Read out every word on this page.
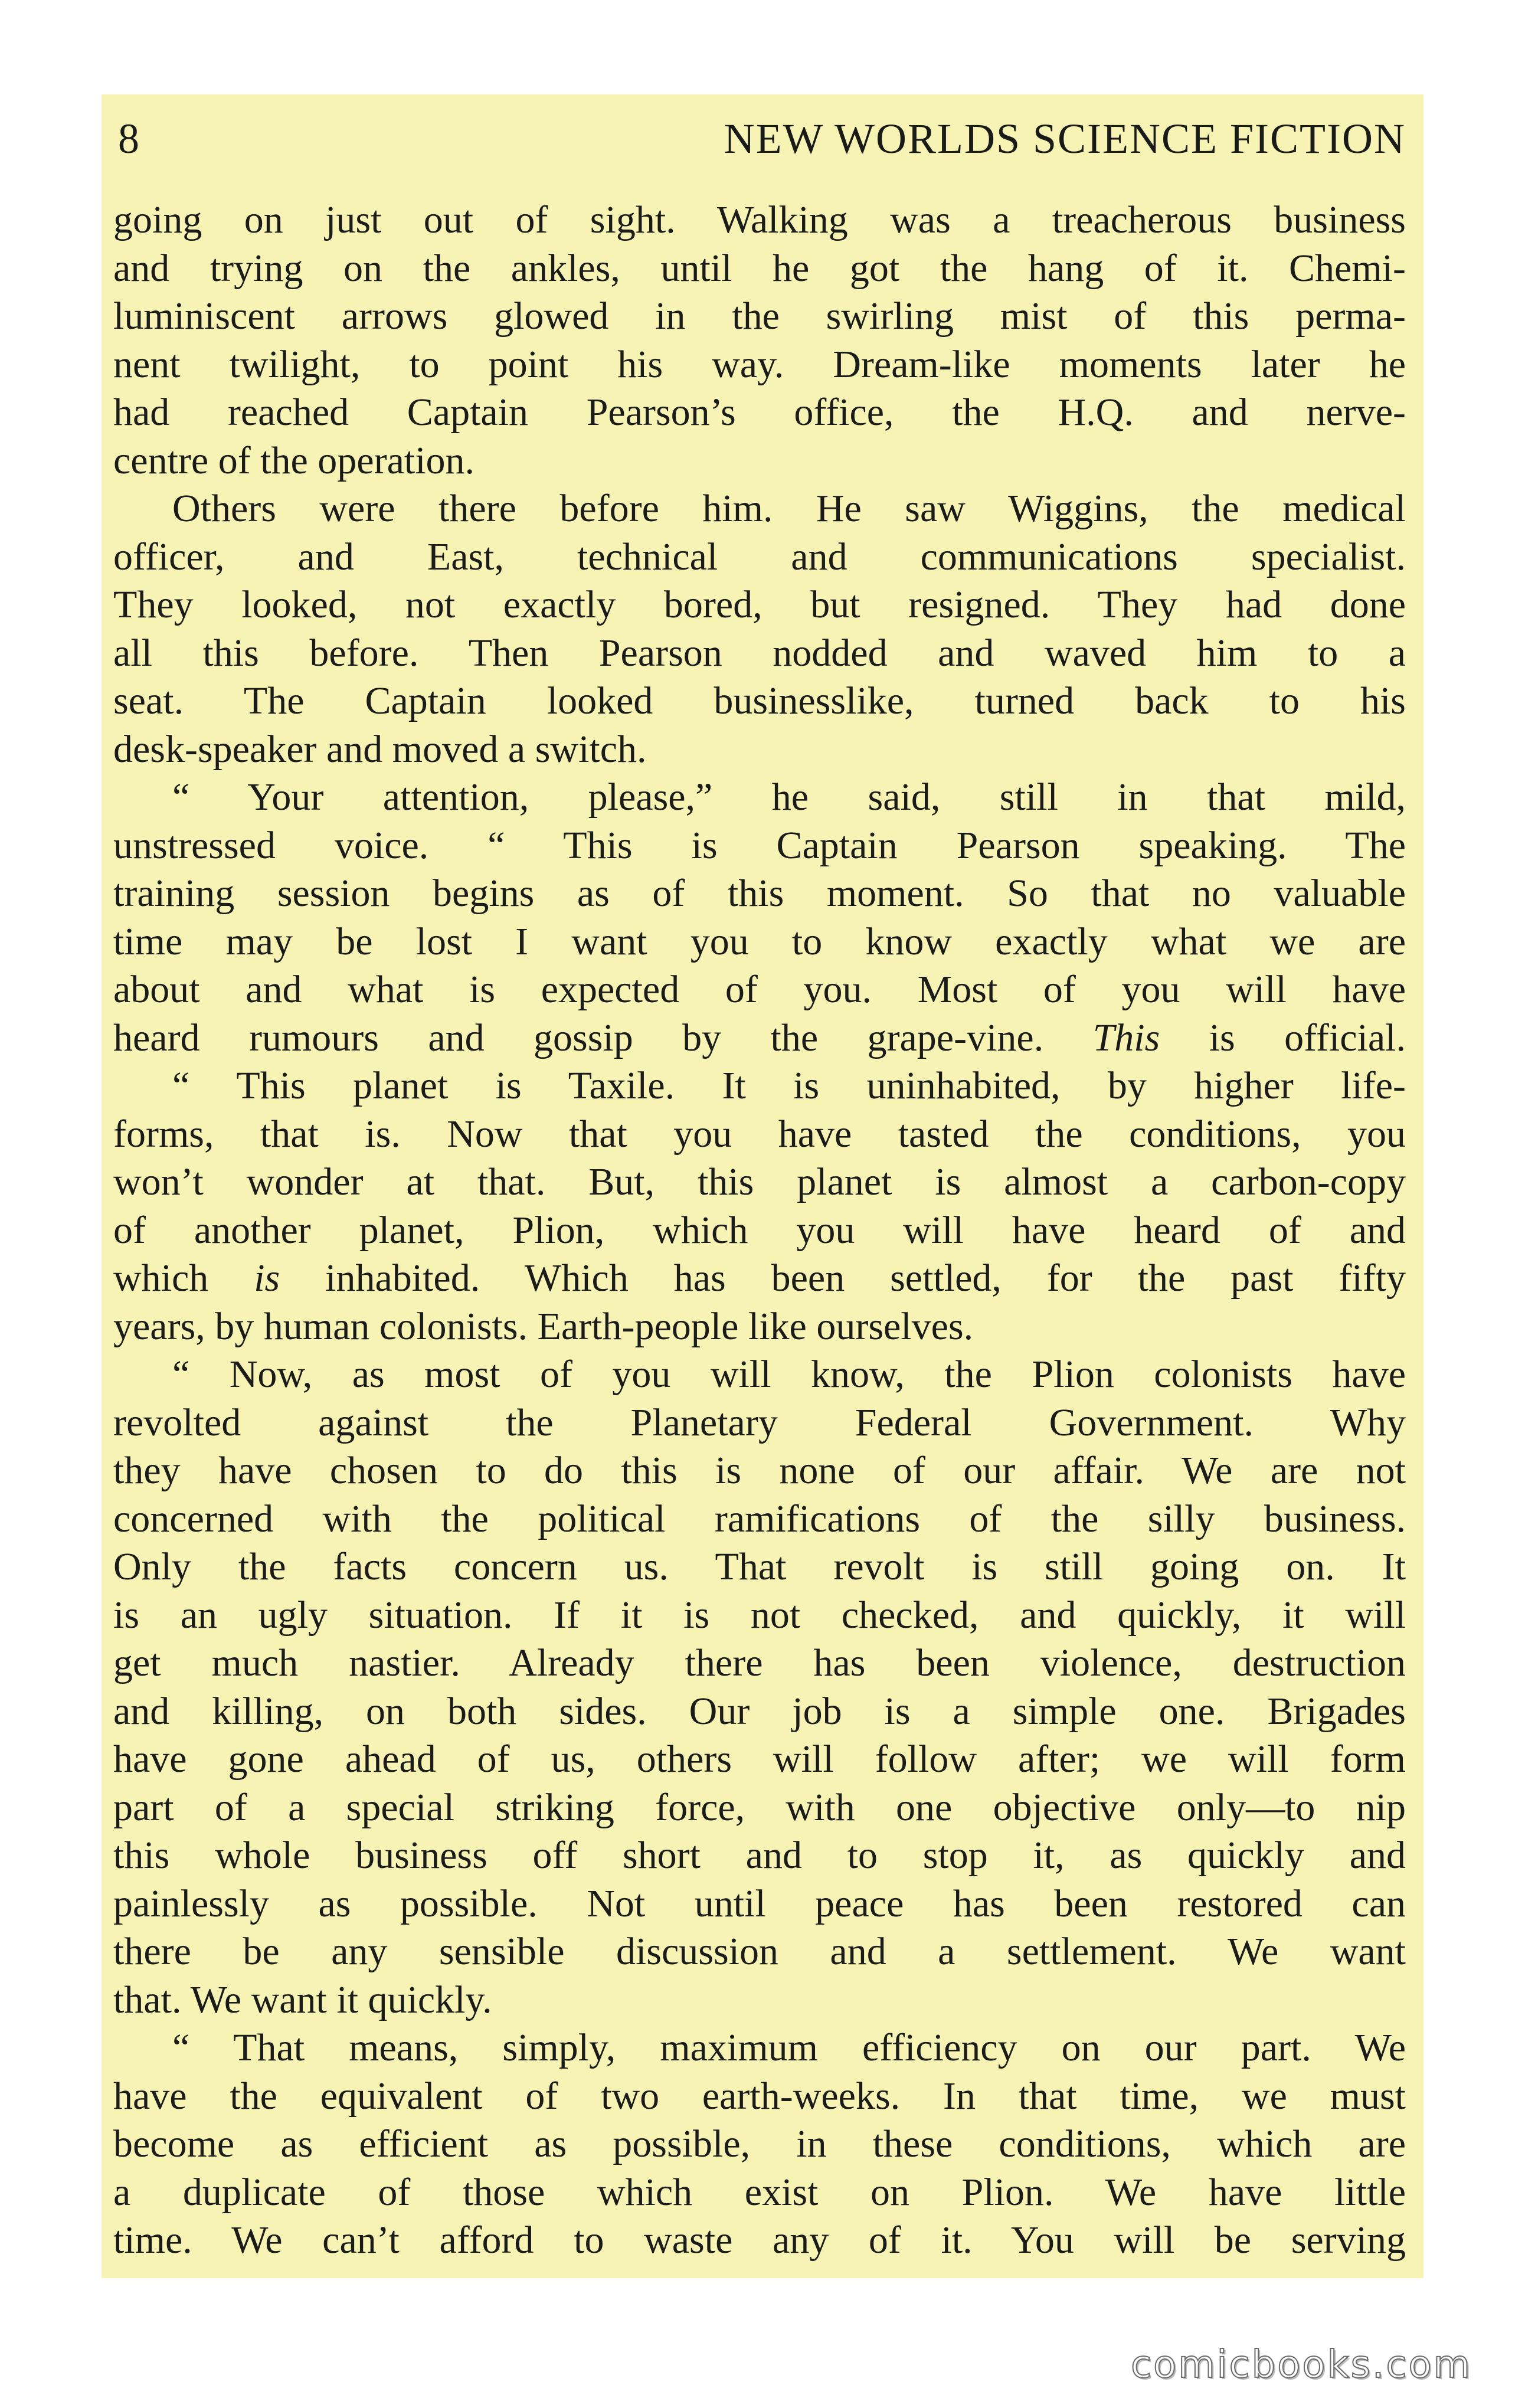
8	NEW WORLDS SCIENCE FICTION
going on just out of sight. Walking was a treacherous business
and trying on the ankles, until he got the hang of it. Chemi-
luminiscent arrows glowed in the swirling mist of this perma-
nent twilight, to point his way. Dream-like moments later he
had reached Captain Pearson’s office, the H.Q. and nerve-
centre of the operation.
Others were there before him. He saw Wiggins, the medical
officer, and East, technical and communications specialist.
They looked, not exactly bored, but resigned. They had done
all this before. Then Pearson nodded and waved him to a
seat. The Captain looked businesslike, turned back to his
desk-speaker and moved a switch.
“ Your attention, please,” he said, still in that mild,
unstressed voice. “ This is Captain Pearson speaking. The
training session begins as of this moment. So that no valuable
time may be lost I want you to know exactly what we are
about and what is expected of you. Most of you will have
heard rumours and gossip by the grape-vine. This is official.
“ This planet is Taxile. It is uninhabited, by higher life-
forms, that is. Now that you have tasted the conditions, you
won’t wonder at that. But, this planet is almost a carbon-copy
of another planet, Plion, which you will have heard of and
which is inhabited. Which has been settled, for the past fifty
years, by human colonists. Earth-people like ourselves.
“ Now, as most of you will know, the Plion colonists have
revolted against the Planetary Federal Government. Why
they have chosen to do this is none of our affair. We are not
concerned with the political ramifications of the silly business.
Only the facts concern us. That revolt is still going on. It
is an ugly situation. If it is not checked, and quickly, it will
get much nastier. Already there has been violence, destruction
and killing, on both sides. Our job is a simple one. Brigades
have gone ahead of us, others will follow after; we will form
part of a special striking force, with one objective only—to nip
this whole business off short and to stop it, as quickly and
painlessly as possible. Not until peace has been restored can
there be any sensible discussion and a settlement. We want
that. We want it quickly.
“ That means, simply, maximum efficiency on our part. We
have the equivalent of two earth-weeks. In that time, we must
become as efficient as possible, in these conditions, which are
a duplicate of those which exist on Plion. We have little
time. We can’t afford to waste any of it. You will be serving
comicbooks.com
